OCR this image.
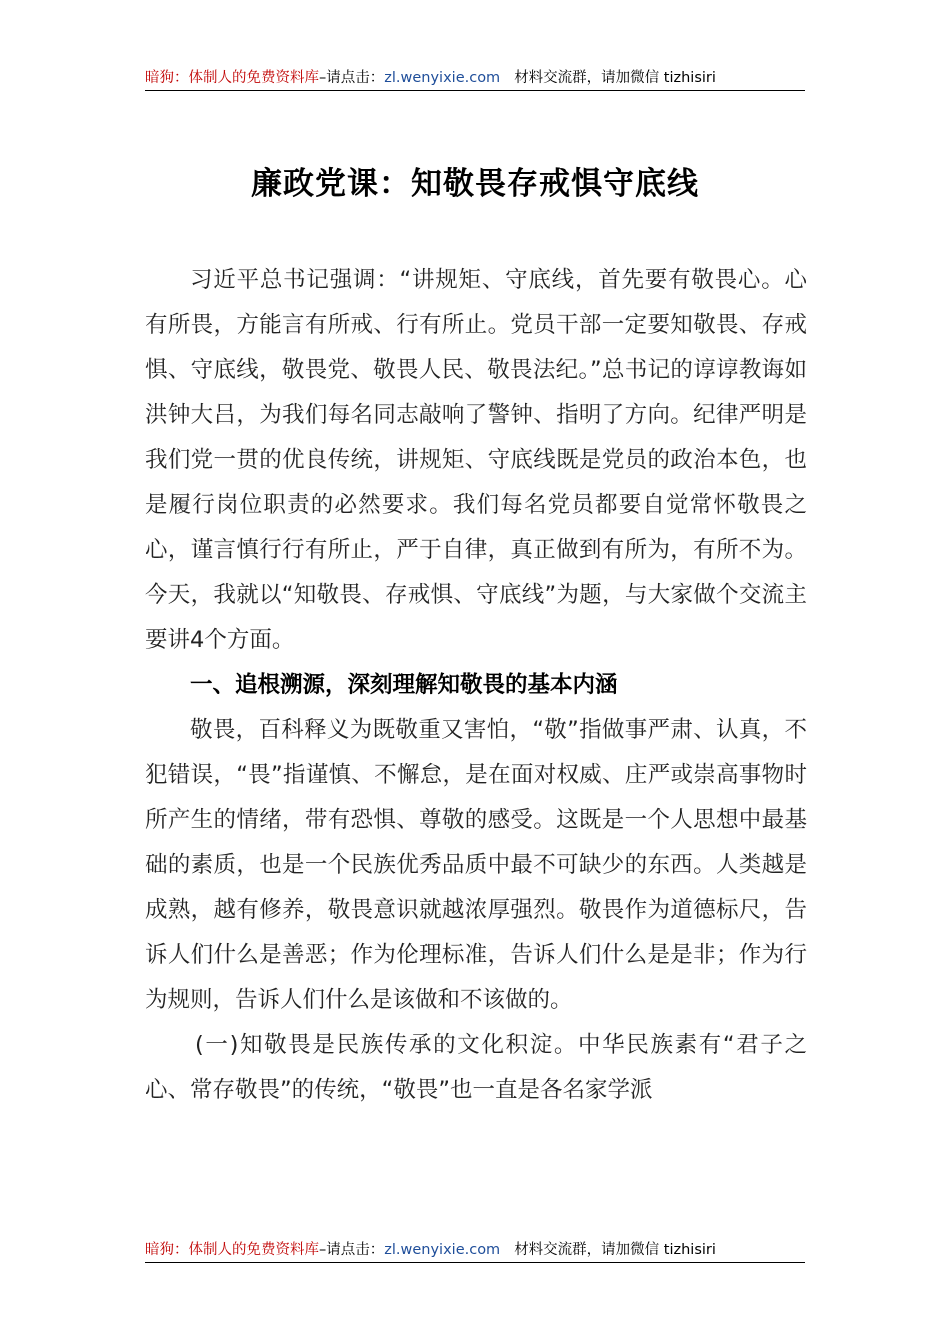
暗狗：体制人的免费资料库–请点击：zl.wenyixie.com 材料交流群，请加微信 tizhisiri
廉政党课：知敬畏存戒惧守底线

习近平总书记强调：“讲规矩、守底线，首先要有敬畏心。心有所畏，方能言有所戒、行有所止。党员干部一定要知敬畏、存戒惧、守底线，敬畏党、敬畏人民、敬畏法纪。”总书记的谆谆教诲如洪钟大吕，为我们每名同志敲响了警钟、指明了方向。纪律严明是我们党一贯的优良传统，讲规矩、守底线既是党员的政治本色，也是履行岗位职责的必然要求。我们每名党员都要自觉常怀敬畏之心，谨言慎行行有所止，严于自律，真正做到有所为，有所不为。今天，我就以“知敬畏、存戒惧、守底线”为题，与大家做个交流主要讲4个方面。

一、追根溯源，深刻理解知敬畏的基本内涵

敬畏，百科释义为既敬重又害怕，“敬”指做事严肃、认真，不犯错误，“畏”指谨慎、不懈怠，是在面对权威、庄严或崇高事物时所产生的情绪，带有恐惧、尊敬的感受。这既是一个人思想中最基础的素质，也是一个民族优秀品质中最不可缺少的东西。人类越是成熟，越有修养，敬畏意识就越浓厚强烈。敬畏作为道德标尺，告诉人们什么是善恶；作为伦理标准，告诉人们什么是是非；作为行为规则，告诉人们什么是该做和不该做的。

(一)知敬畏是民族传承的文化积淀。中华民族素有“君子之心、常存敬畏”的传统，“敬畏”也一直是各名家学派

暗狗：体制人的免费资料库–请点击：zl.wenyixie.com 材料交流群，请加微信 tizhisiri
